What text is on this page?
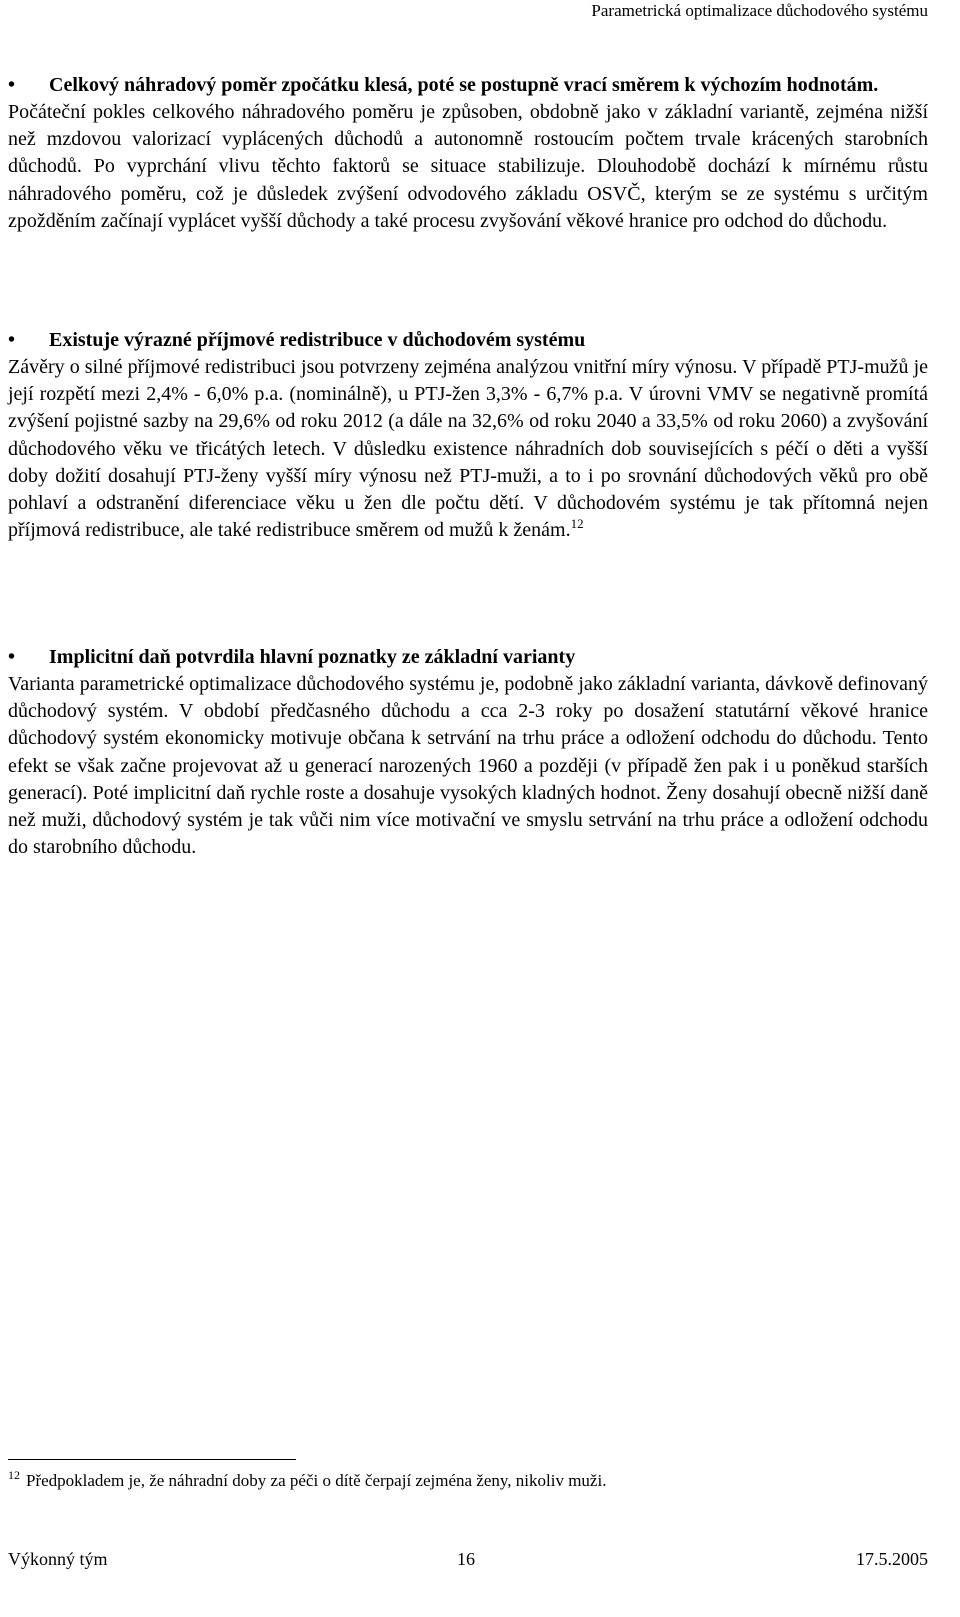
Parametrická optimalizace důchodového systému
•	Celkový náhradový poměr zpočátku klesá, poté se postupně vrací směrem k výchozím hodnotám.
Počáteční pokles celkového náhradového poměru je způsoben, obdobně jako v základní variantě, zejména nižší než mzdovou valorizací vyplácených důchodů a autonomně rostoucím počtem trvale krácených starobních důchodů. Po vyprchání vlivu těchto faktorů se situace stabilizuje. Dlouhodobě dochází k mírnému růstu náhradového poměru, což je důsledek zvýšení odvodového základu OSVČ, kterým se ze systému s určitým zpožděním začínají vyplácet vyšší důchody a také procesu zvyšování věkové hranice pro odchod do důchodu.
•	Existuje výrazné příjmové redistribuce v důchodovém systému
Závěry o silné příjmové redistribuci jsou potvrzeny zejména analýzou vnitřní míry výnosu. V případě PTJ-mužů je její rozpětí mezi 2,4% - 6,0% p.a. (nominálně), u PTJ-žen 3,3% - 6,7% p.a. V úrovni VMV se negativně promítá zvýšení pojistné sazby na 29,6% od roku 2012 (a dále na 32,6% od roku 2040 a 33,5% od roku 2060) a zvyšování důchodového věku ve třicátých letech. V důsledku existence náhradních dob souvisejících s péčí o děti a vyšší doby dožití dosahují PTJ-ženy vyšší míry výnosu než PTJ-muži, a to i po srovnání důchodových věků pro obě pohlaví a odstranění diferenciace věku u žen dle počtu dětí. V důchodovém systému je tak přítomná nejen příjmová redistribuce, ale také redistribuce směrem od mužů k ženám.$^{12}$
•	Implicitní daň potvrdila hlavní poznatky ze základní varianty
Varianta parametrické optimalizace důchodového systému je, podobně jako základní varianta, dávkově definovaný důchodový systém. V období předčasného důchodu a cca 2-3 roky po dosažení statutární věkové hranice důchodový systém ekonomicky motivuje občana k setrvání na trhu práce a odložení odchodu do důchodu. Tento efekt se však začne projevovat až u generací narozených 1960 a později (v případě žen pak i u poněkud starších generací). Poté implicitní daň rychle roste a dosahuje vysokých kladných hodnot. Ženy dosahují obecně nižší daně než muži, důchodový systém je tak vůči nim více motivační ve smyslu setrvání na trhu práce a odložení odchodu do starobního důchodu.
$^{12}$ Předpokladem je, že náhradní doby za péči o dítě čerpají zejména ženy, nikoliv muži.
Výkonný tým	16	17.5.2005
